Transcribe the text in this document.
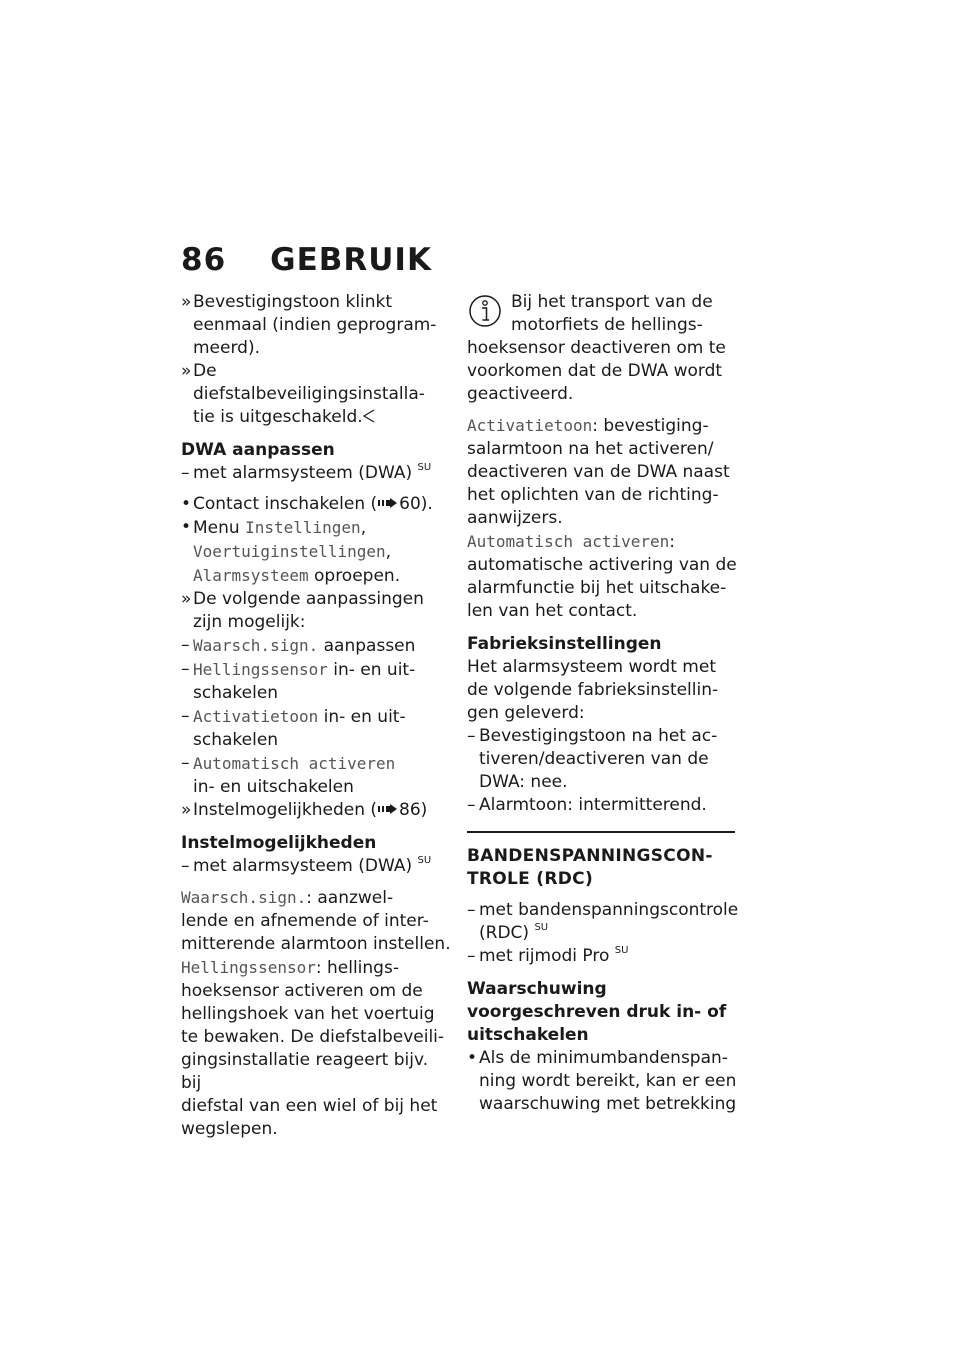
86 GEBRUIK
» Bevestigingstoon klinkt
eenmaal (indien geprogram-
meerd).
» De diefstalbeveiligingsinstalla-
tie is uitgeschakeld.
DWA aanpassen
– met alarmsysteem (DWA) $^{SU}$
• Contact inschakelen ( 60).
• Menu Instellingen,
Voertuiginstellingen,
Alarmsysteem oproepen.
» De volgende aanpassingen
zijn mogelijk:
– Waarsch.sign. aanpassen
– Hellingssensor in- en uit-
schakelen
– Activatietoon in- en uit-
schakelen
– Automatisch activeren
in- en uitschakelen
» Instelmogelijkheden ( 86)
Instelmogelijkheden
– met alarmsysteem (DWA) $^{SU}$
Waarsch.sign.: aanzwel-
lende en afnemende of inter-
mitterende alarmtoon instellen.
Hellingssensor: hellings-
hoeksensor activeren om de
hellingshoek van het voertuig
te bewaken. De diefstalbeveili-
gingsinstallatie reageert bijv. bij
diefstal van een wiel of bij het
wegslepen.
Bij het transport van de
motorfiets de hellings-
hoeksensor deactiveren om te
voorkomen dat de DWA wordt
geactiveerd.
Activatietoon: bevestiging-
salarmtoon na het activeren/
deactiveren van de DWA naast
het oplichten van de richting-
aanwijzers.
Automatisch activeren:
automatische activering van de
alarmfunctie bij het uitschake-
len van het contact.
Fabrieksinstellingen
Het alarmsysteem wordt met
de volgende fabrieksinstellin-
gen geleverd:
– Bevestigingstoon na het ac-
tiveren/deactiveren van de
DWA: nee.
– Alarmtoon: intermitterend.
BANDENSPANNINGSCON-
TROLE (RDC)
– met bandenspanningscontrole
(RDC) $^{SU}$
– met rijmodi Pro $^{SU}$
Waarschuwing
voorgeschreven druk in- of
uitschakelen
• Als de minimumbandenspan-
ning wordt bereikt, kan er een
waarschuwing met betrekking
